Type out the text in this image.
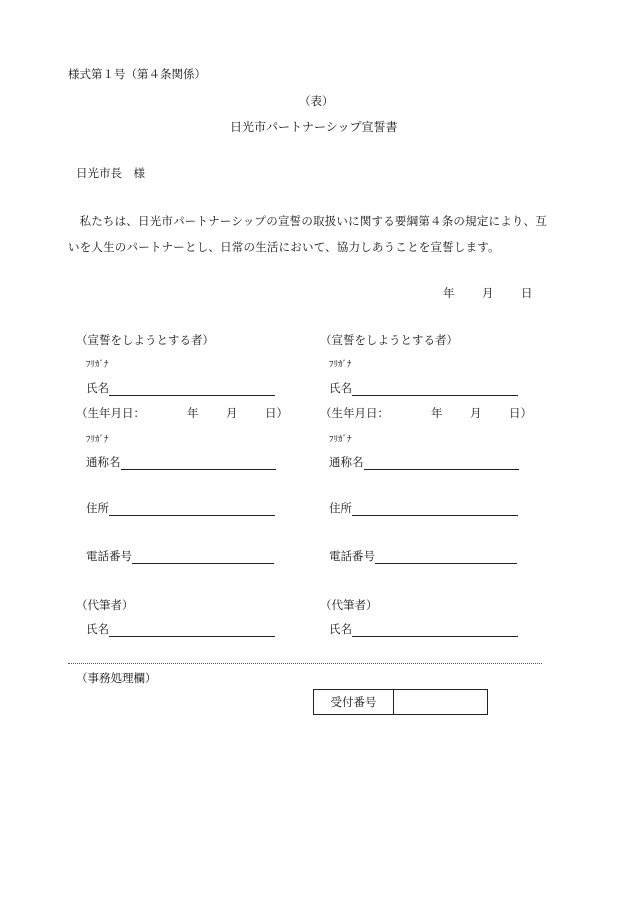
様式第１号（第４条関係）
（表）
日光市パートナーシップ宣誓書
日光市長　様
私たちは、日光市パートナーシップの宣誓の取扱いに関する要綱第４条の規定により、互いを人生のパートナーとし、日常の生活において、協力しあうことを宣誓します。
年 月 日
（宣誓をしようとする者）
ﾌﾘｶﾞﾅ
氏名
（生年月日：	年 月 日）
ﾌﾘｶﾞﾅ
通称名
住所
電話番号
（代筆者）
氏名
（宣誓をしようとする者）
ﾌﾘｶﾞﾅ
氏名
（生年月日：	年 月 日）
ﾌﾘｶﾞﾅ
通称名
住所
電話番号
（代筆者）
氏名
（事務処理欄）
受付番号
